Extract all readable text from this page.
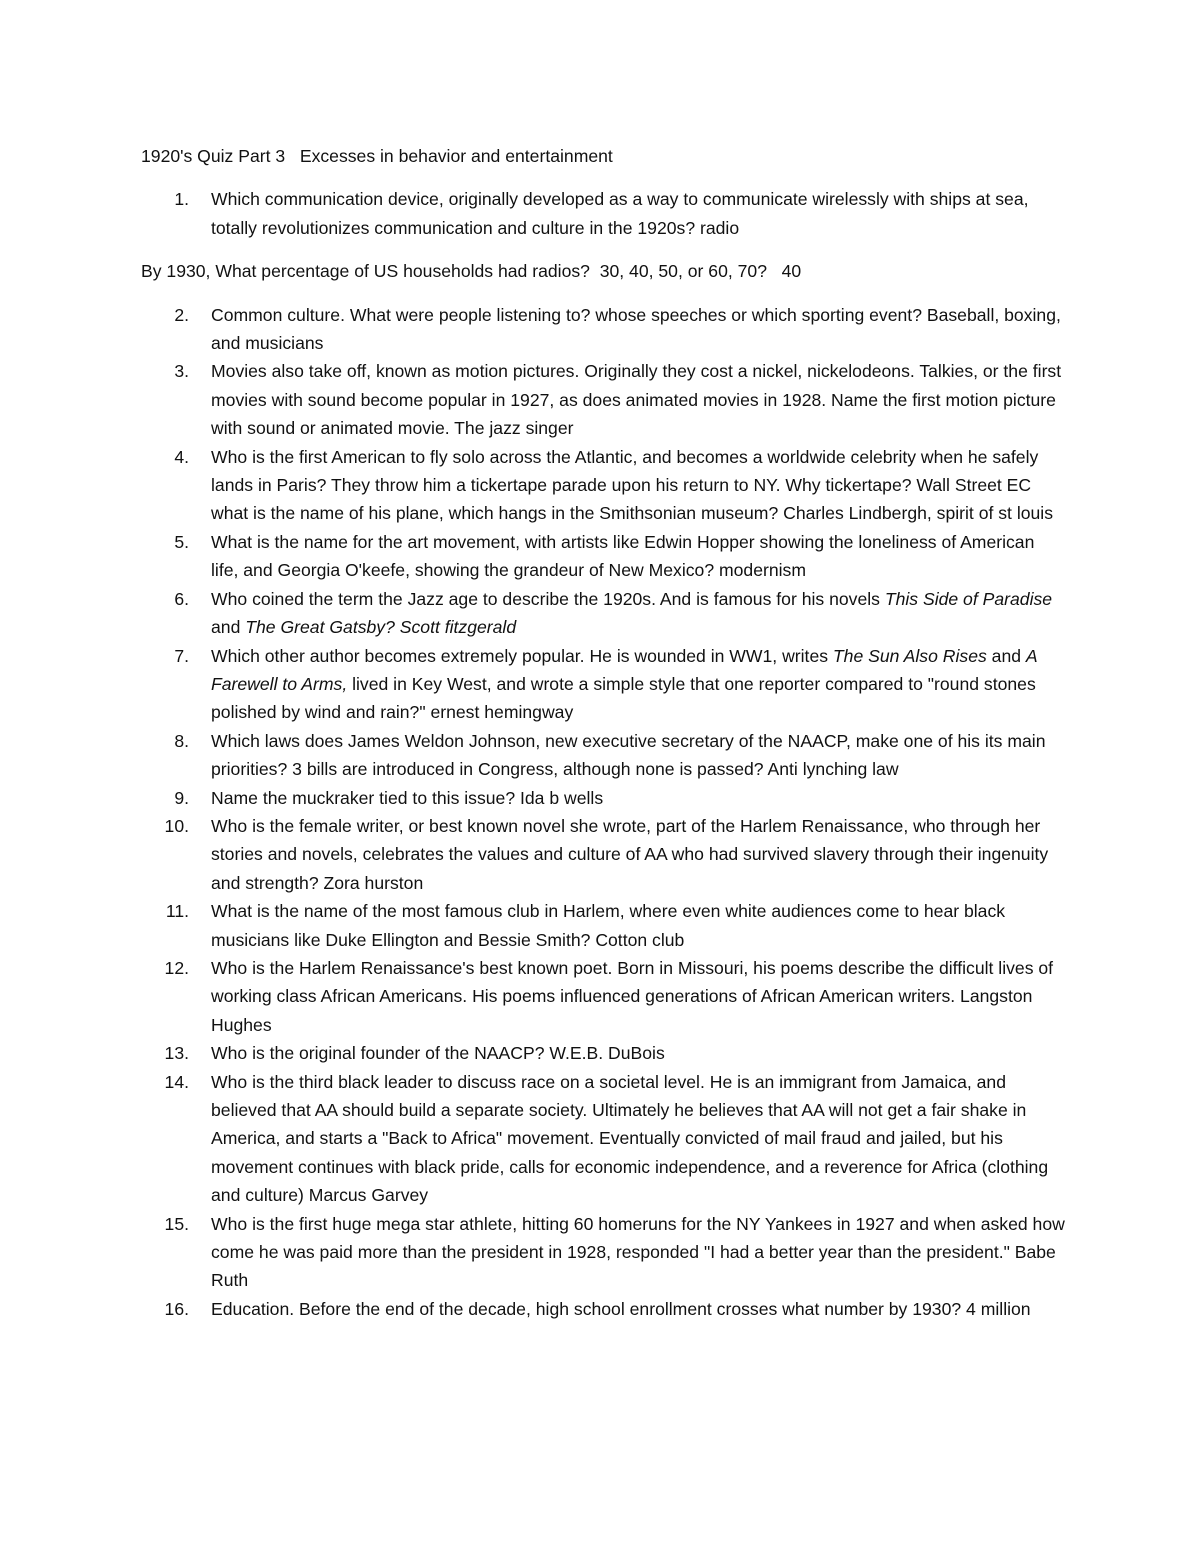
1920's Quiz Part 3   Excesses in behavior and entertainment
1. Which communication device, originally developed as a way to communicate wirelessly with ships at sea, totally revolutionizes communication and culture in the 1920s? radio
By 1930, What percentage of US households had radios?  30, 40, 50, or 60, 70?   40
2. Common culture. What were people listening to? whose speeches or which sporting event? Baseball, boxing, and musicians
3. Movies also take off, known as motion pictures. Originally they cost a nickel, nickelodeons. Talkies, or the first movies with sound become popular in 1927, as does animated movies in 1928. Name the first motion picture with sound or animated movie. The jazz singer
4. Who is the first American to fly solo across the Atlantic, and becomes a worldwide celebrity when he safely lands in Paris? They throw him a tickertape parade upon his return to NY. Why tickertape? Wall Street EC what is the name of his plane, which hangs in the Smithsonian museum? Charles Lindbergh, spirit of st louis
5. What is the name for the art movement, with artists like Edwin Hopper showing the loneliness of American life, and Georgia O'keefe, showing the grandeur of New Mexico? modernism
6. Who coined the term the Jazz age to describe the 1920s. And is famous for his novels This Side of Paradise and The Great Gatsby? Scott fitzgerald
7. Which other author becomes extremely popular. He is wounded in WW1, writes The Sun Also Rises and A Farewell to Arms, lived in Key West, and wrote a simple style that one reporter compared to "round stones polished by wind and rain?" ernest hemingway
8. Which laws does James Weldon Johnson, new executive secretary of the NAACP, make one of his its main priorities? 3 bills are introduced in Congress, although none is passed? Anti lynching law
9. Name the muckraker tied to this issue? Ida b wells
10. Who is the female writer, or best known novel she wrote, part of the Harlem Renaissance, who through her stories and novels, celebrates the values and culture of AA who had survived slavery through their ingenuity and strength? Zora hurston
11. What is the name of the most famous club in Harlem, where even white audiences come to hear black musicians like Duke Ellington and Bessie Smith? Cotton club
12. Who is the Harlem Renaissance's best known poet. Born in Missouri, his poems describe the difficult lives of working class African Americans. His poems influenced generations of African American writers. Langston Hughes
13. Who is the original founder of the NAACP? W.E.B. DuBois
14. Who is the third black leader to discuss race on a societal level. He is an immigrant from Jamaica, and believed that AA should build a separate society. Ultimately he believes that AA will not get a fair shake in America, and starts a "Back to Africa" movement. Eventually convicted of mail fraud and jailed, but his movement continues with black pride, calls for economic independence, and a reverence for Africa (clothing and culture) Marcus Garvey
15. Who is the first huge mega star athlete, hitting 60 homeruns for the NY Yankees in 1927 and when asked how come he was paid more than the president in 1928, responded "I had a better year than the president." Babe Ruth
16. Education. Before the end of the decade, high school enrollment crosses what number by 1930? 4 million
